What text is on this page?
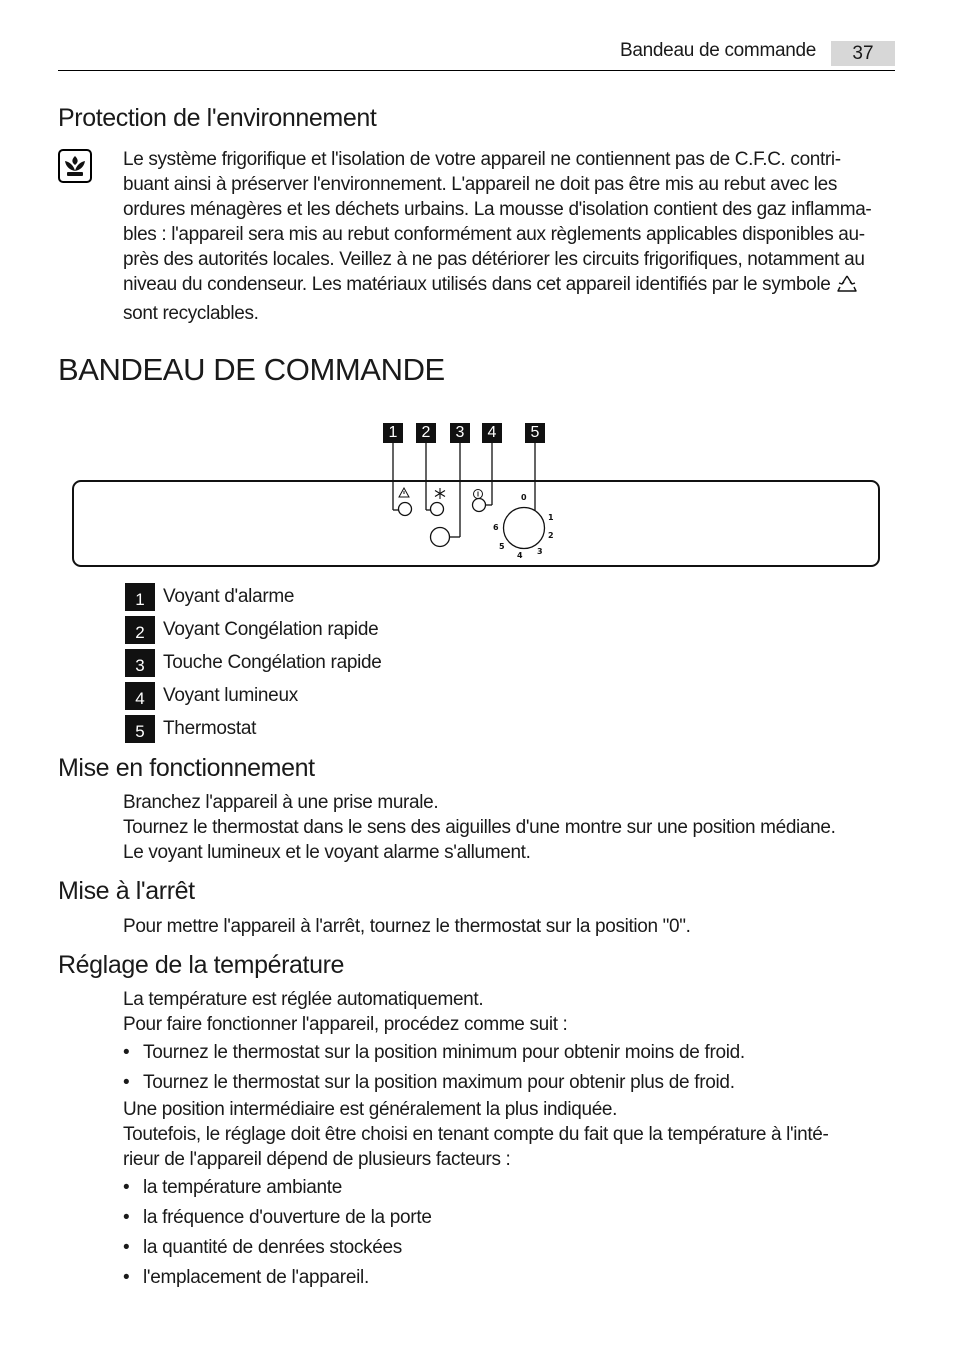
Bandeau de commande	37
Protection de l'environnement
Le système frigorifique et l'isolation de votre appareil ne contiennent pas de C.F.C. contri-
buant ainsi à préserver l'environnement. L'appareil ne doit pas être mis au rebut avec les
ordures ménagères et les déchets urbains. La mousse d'isolation contient des gaz inflamma-
bles : l'appareil sera mis au rebut conformément aux règlements applicables disponibles au-
près des autorités locales. Veillez à ne pas détériorer les circuits frigorifiques, notamment au
niveau du condenseur. Les matériaux utilisés dans cet appareil identifiés par le symbole
sont recyclables.
BANDEAU DE COMMANDE
1	2	3	4	5
0
1
2
3
4
5
6
1 Voyant d'alarme
2 Voyant Congélation rapide
3 Touche Congélation rapide
4 Voyant lumineux
5 Thermostat
Mise en fonctionnement
Branchez l'appareil à une prise murale.
Tournez le thermostat dans le sens des aiguilles d'une montre sur une position médiane.
Le voyant lumineux et le voyant alarme s'allument.
Mise à l'arrêt
Pour mettre l'appareil à l'arrêt, tournez le thermostat sur la position "0".
Réglage de la température
La température est réglée automatiquement.
Pour faire fonctionner l'appareil, procédez comme suit :
• Tournez le thermostat sur la position minimum pour obtenir moins de froid.
• Tournez le thermostat sur la position maximum pour obtenir plus de froid.
Une position intermédiaire est généralement la plus indiquée.
Toutefois, le réglage doit être choisi en tenant compte du fait que la température à l'inté-
rieur de l'appareil dépend de plusieurs facteurs :
• la température ambiante
• la fréquence d'ouverture de la porte
• la quantité de denrées stockées
• l'emplacement de l'appareil.
